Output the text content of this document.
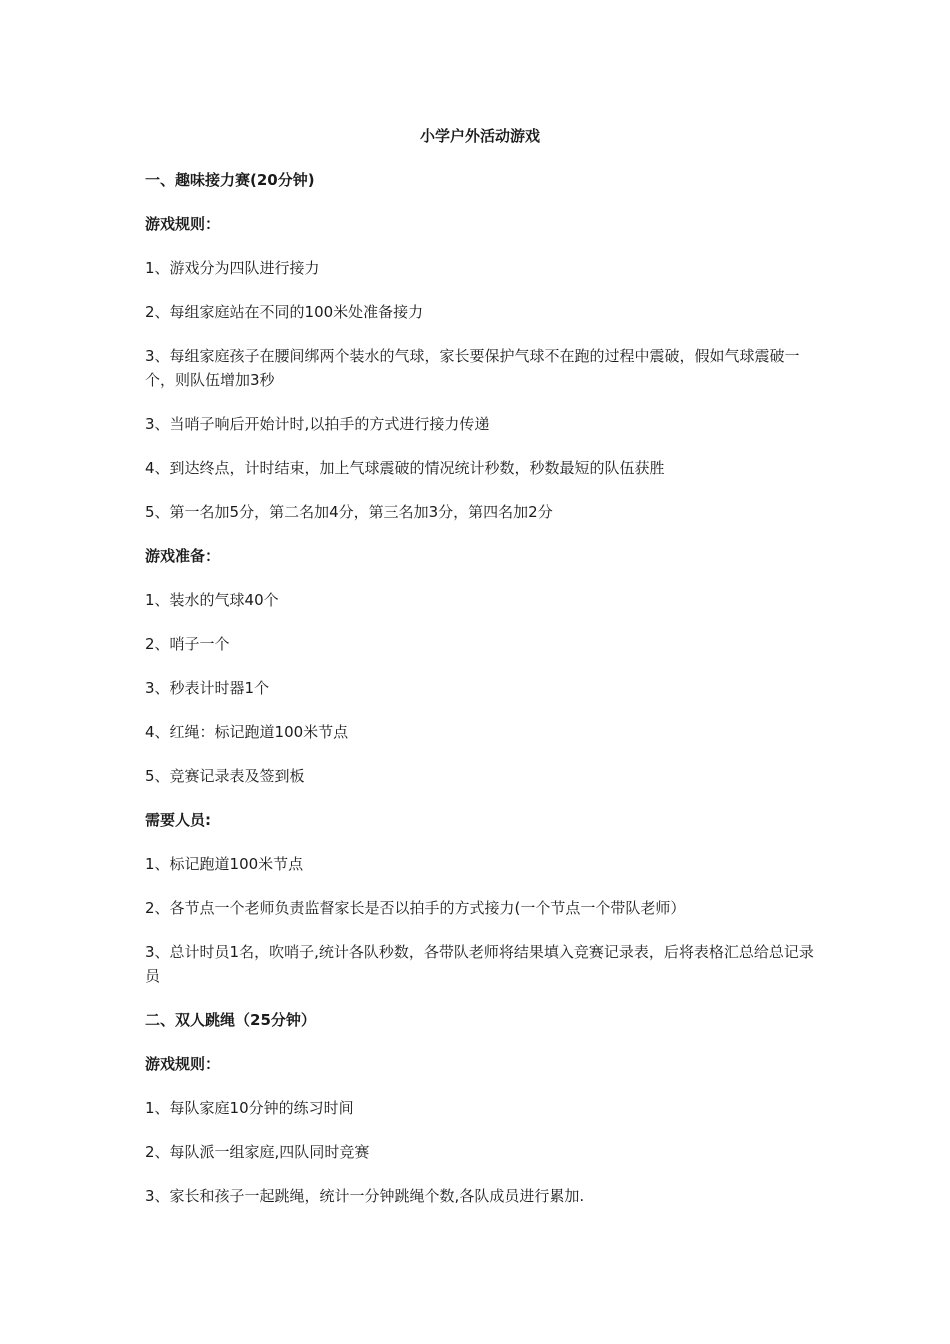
小学户外活动游戏
一、趣味接力赛(20分钟)
游戏规则：
1、游戏分为四队进行接力
2、每组家庭站在不同的100米处准备接力
3、每组家庭孩子在腰间绑两个装水的气球，家长要保护气球不在跑的过程中震破，假如气球震破一个，则队伍增加3秒
3、当哨子响后开始计时,以拍手的方式进行接力传递
4、到达终点，计时结束，加上气球震破的情况统计秒数，秒数最短的队伍获胜
5、第一名加5分，第二名加4分，第三名加3分，第四名加2分
游戏准备：
1、装水的气球40个
2、哨子一个
3、秒表计时器1个
4、红绳：标记跑道100米节点
5、竞赛记录表及签到板
需要人员:
1、标记跑道100米节点
2、各节点一个老师负责监督家长是否以拍手的方式接力(一个节点一个带队老师）
3、总计时员1名，吹哨子,统计各队秒数，各带队老师将结果填入竞赛记录表，后将表格汇总给总记录员
二、双人跳绳（25分钟）
游戏规则：
1、每队家庭10分钟的练习时间
2、每队派一组家庭,四队同时竞赛
3、家长和孩子一起跳绳，统计一分钟跳绳个数,各队成员进行累加.
